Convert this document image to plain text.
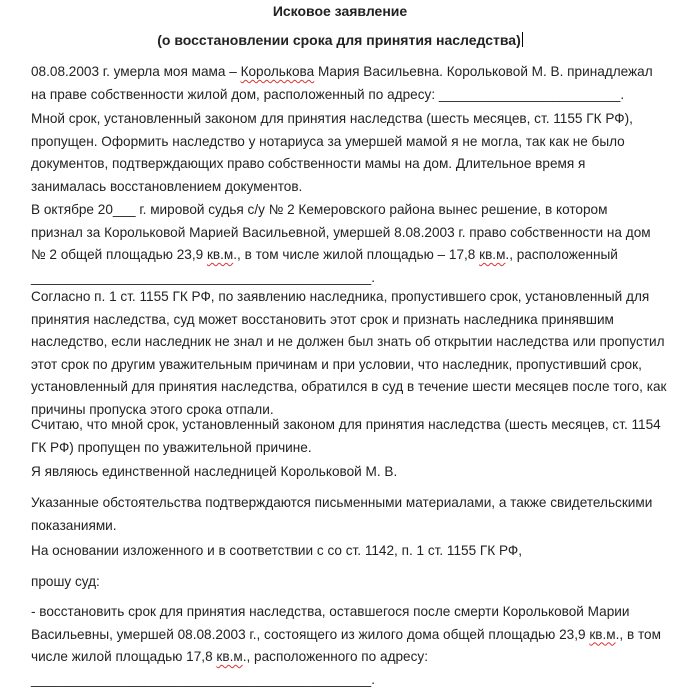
Исковое заявление
(о восстановлении срока для принятия наследства)
08.08.2003 г. умерла моя мама – Королькова Мария Васильевна. Корольковой М. В. принадлежал
на праве собственности жилой дом, расположенный по адресу: ________________________.
Мной срок, установленный законом для принятия наследства (шесть месяцев, ст. 1155 ГК РФ),
пропущен. Оформить наследство у нотариуса за умершей мамой я не могла, так как не было
документов, подтверждающих право собственности мамы на дом. Длительное время я
занималась восстановлением документов.
В октябре 20___ г. мировой судья с/у № 2 Кемеровского района вынес решение, в котором
признал за Корольковой Марией Васильевной, умершей 8.08.2003 г. право собственности на дом
№ 2 общей площадью 23,9 кв.м., в том числе жилой площадью – 17,8 кв.м., расположенный
_____________________________________________.
Согласно п. 1 ст. 1155 ГК РФ, по заявлению наследника, пропустившего срок, установленный для
принятия наследства, суд может восстановить этот срок и признать наследника принявшим
наследство, если наследник не знал и не должен был знать об открытии наследства или пропустил
этот срок по другим уважительным причинам и при условии, что наследник, пропустивший срок,
установленный для принятия наследства, обратился в суд в течение шести месяцев после того, как
причины пропуска этого срока отпали.
Считаю, что мной срок, установленный законом для принятия наследства (шесть месяцев, ст. 1154
ГК РФ) пропущен по уважительной причине.
Я являюсь единственной наследницей Корольковой М. В.
Указанные обстоятельства подтверждаются письменными материалами, а также свидетельскими
показаниями.
На основании изложенного и в соответствии с со ст. 1142, п. 1 ст. 1155 ГК РФ,
прошу суд:
- восстановить срок для принятия наследства, оставшегося после смерти Корольковой Марии
Васильевны, умершей 08.08.2003 г., состоящего из жилого дома общей площадью 23,9 кв.м., в том
числе жилой площадью 17,8 кв.м., расположенного по адресу:
_____________________________________________.
